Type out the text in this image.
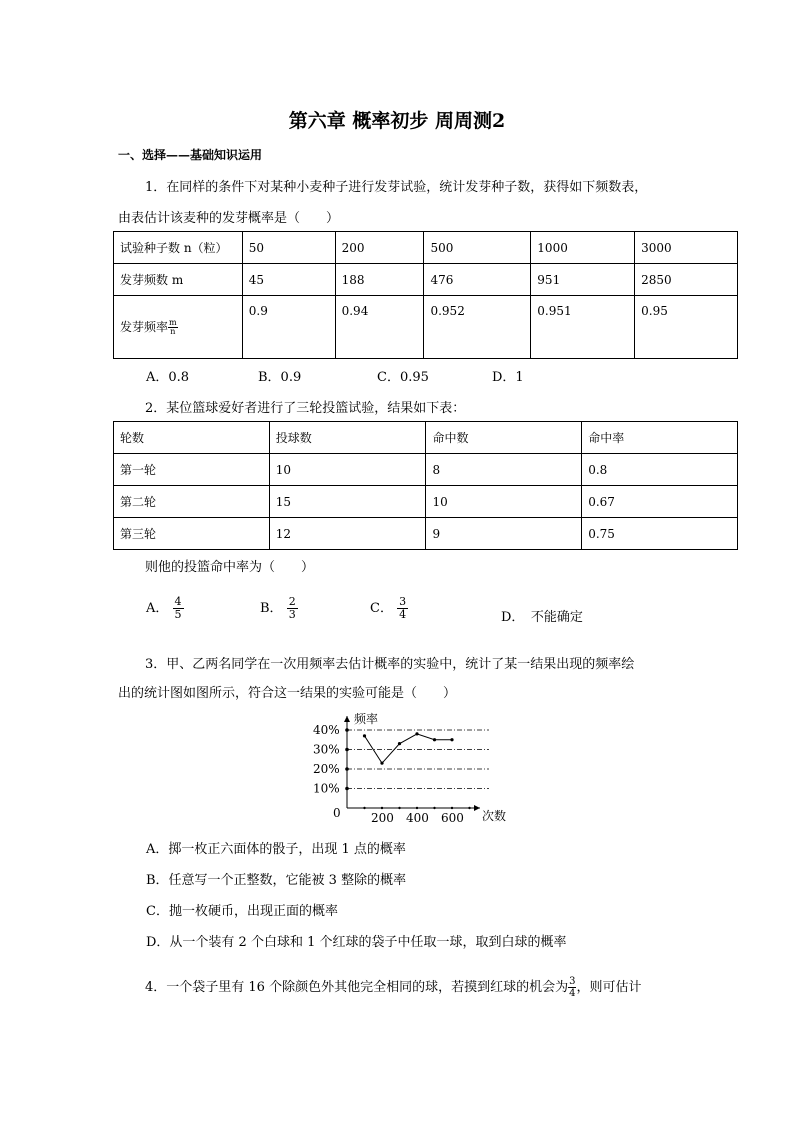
第六章 概率初步 周周测2
一、选择——基础知识运用
1．在同样的条件下对某种小麦种子进行发芽试验，统计发芽种子数，获得如下频数表，
由表估计该麦种的发芽概率是（　　）
试验种子数 n（粒）	50	200	500	1000	3000
发芽频数 m	45	188	476	951	2850
发芽频率 $\frac{m}{n}$	0.9	0.94	0.952	0.951	0.95
A．0.8	B．0.9	C．0.95	D．1
2．某位篮球爱好者进行了三轮投篮试验，结果如下表：
轮数	投球数	命中数	命中率
第一轮	10	8	0.8
第二轮	15	10	0.67
第三轮	12	9	0.75
则他的投篮命中率为（　　）
A． $\frac{4}{5}$	B． $\frac{2}{3}$	C． $\frac{3}{4}$	D．　不能确定
3．甲、乙两名同学在一次用频率去估计概率的实验中，统计了某一结果出现的频率绘
出的统计图如图所示，符合这一结果的实验可能是（　　）
频率
次数
0
40%
30%
20%
10%
200 400 600
A．掷一枚正六面体的骰子，出现 1 点的概率
B．任意写一个正整数，它能被 3 整除的概率
C．抛一枚硬币，出现正面的概率
D．从一个装有 2 个白球和 1 个红球的袋子中任取一球，取到白球的概率
4．一个袋子里有 16 个除颜色外其他完全相同的球，若摸到红球的机会为 $\frac{3}{4}$ ，则可估计
